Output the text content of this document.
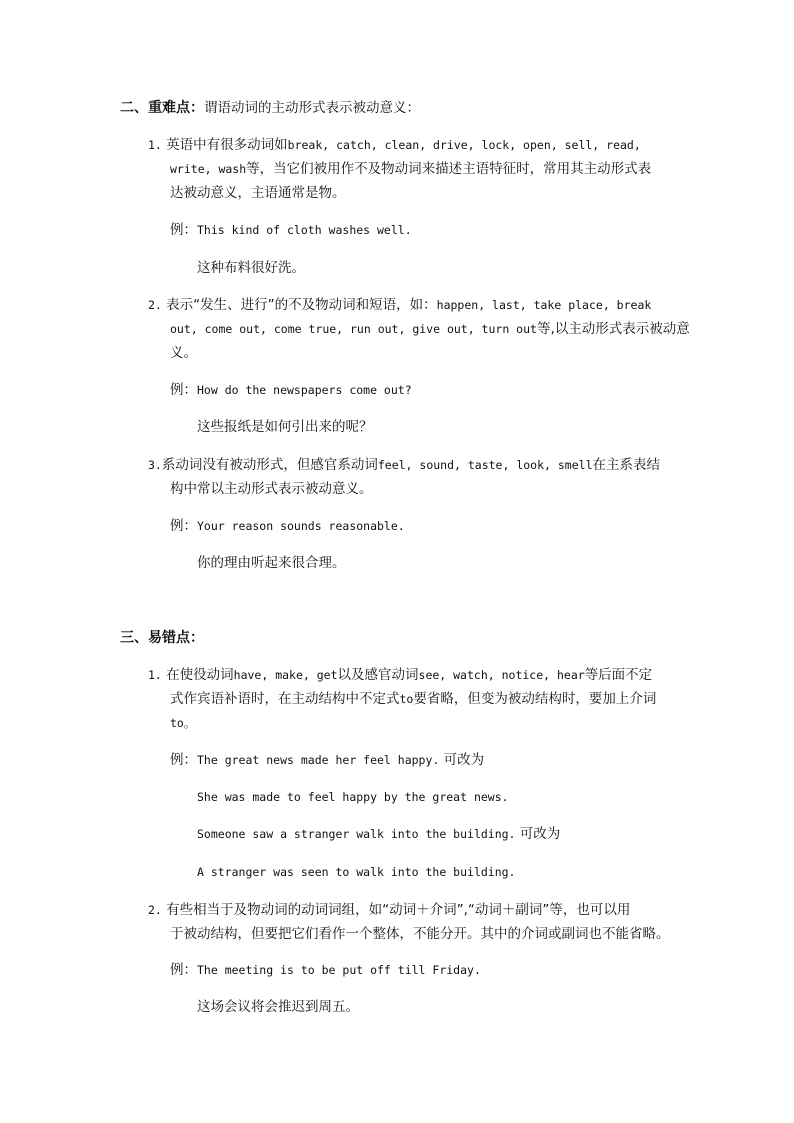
二、重难点：谓语动词的主动形式表示被动意义：
1. 英语中有很多动词如break, catch, clean, drive, lock, open, sell, read,
write, wash等，当它们被用作不及物动词来描述主语特征时，常用其主动形式表
达被动意义，主语通常是物。
例：This kind of cloth washes well.
这种布料很好洗。
2. 表示“发生、进行”的不及物动词和短语，如：happen, last, take place, break
out, come out, come true, run out, give out, turn out等,以主动形式表示被动意
义。
例：How do the newspapers come out?
这些报纸是如何引出来的呢？
3.系动词没有被动形式，但感官系动词feel, sound, taste, look, smell在主系表结
构中常以主动形式表示被动意义。
例：Your reason sounds reasonable.
你的理由听起来很合理。
三、易错点：
1. 在使役动词have, make, get以及感官动词see, watch, notice, hear等后面不定
式作宾语补语时，在主动结构中不定式to要省略，但变为被动结构时，要加上介词
to。
例：The great news made her feel happy. 可改为
She was made to feel happy by the great news.
Someone saw a stranger walk into the building. 可改为
A stranger was seen to walk into the building.
2. 有些相当于及物动词的动词词组，如“动词＋介词”,“动词＋副词”等，也可以用
于被动结构，但要把它们看作一个整体，不能分开。其中的介词或副词也不能省略。
例：The meeting is to be put off till Friday.
这场会议将会推迟到周五。
